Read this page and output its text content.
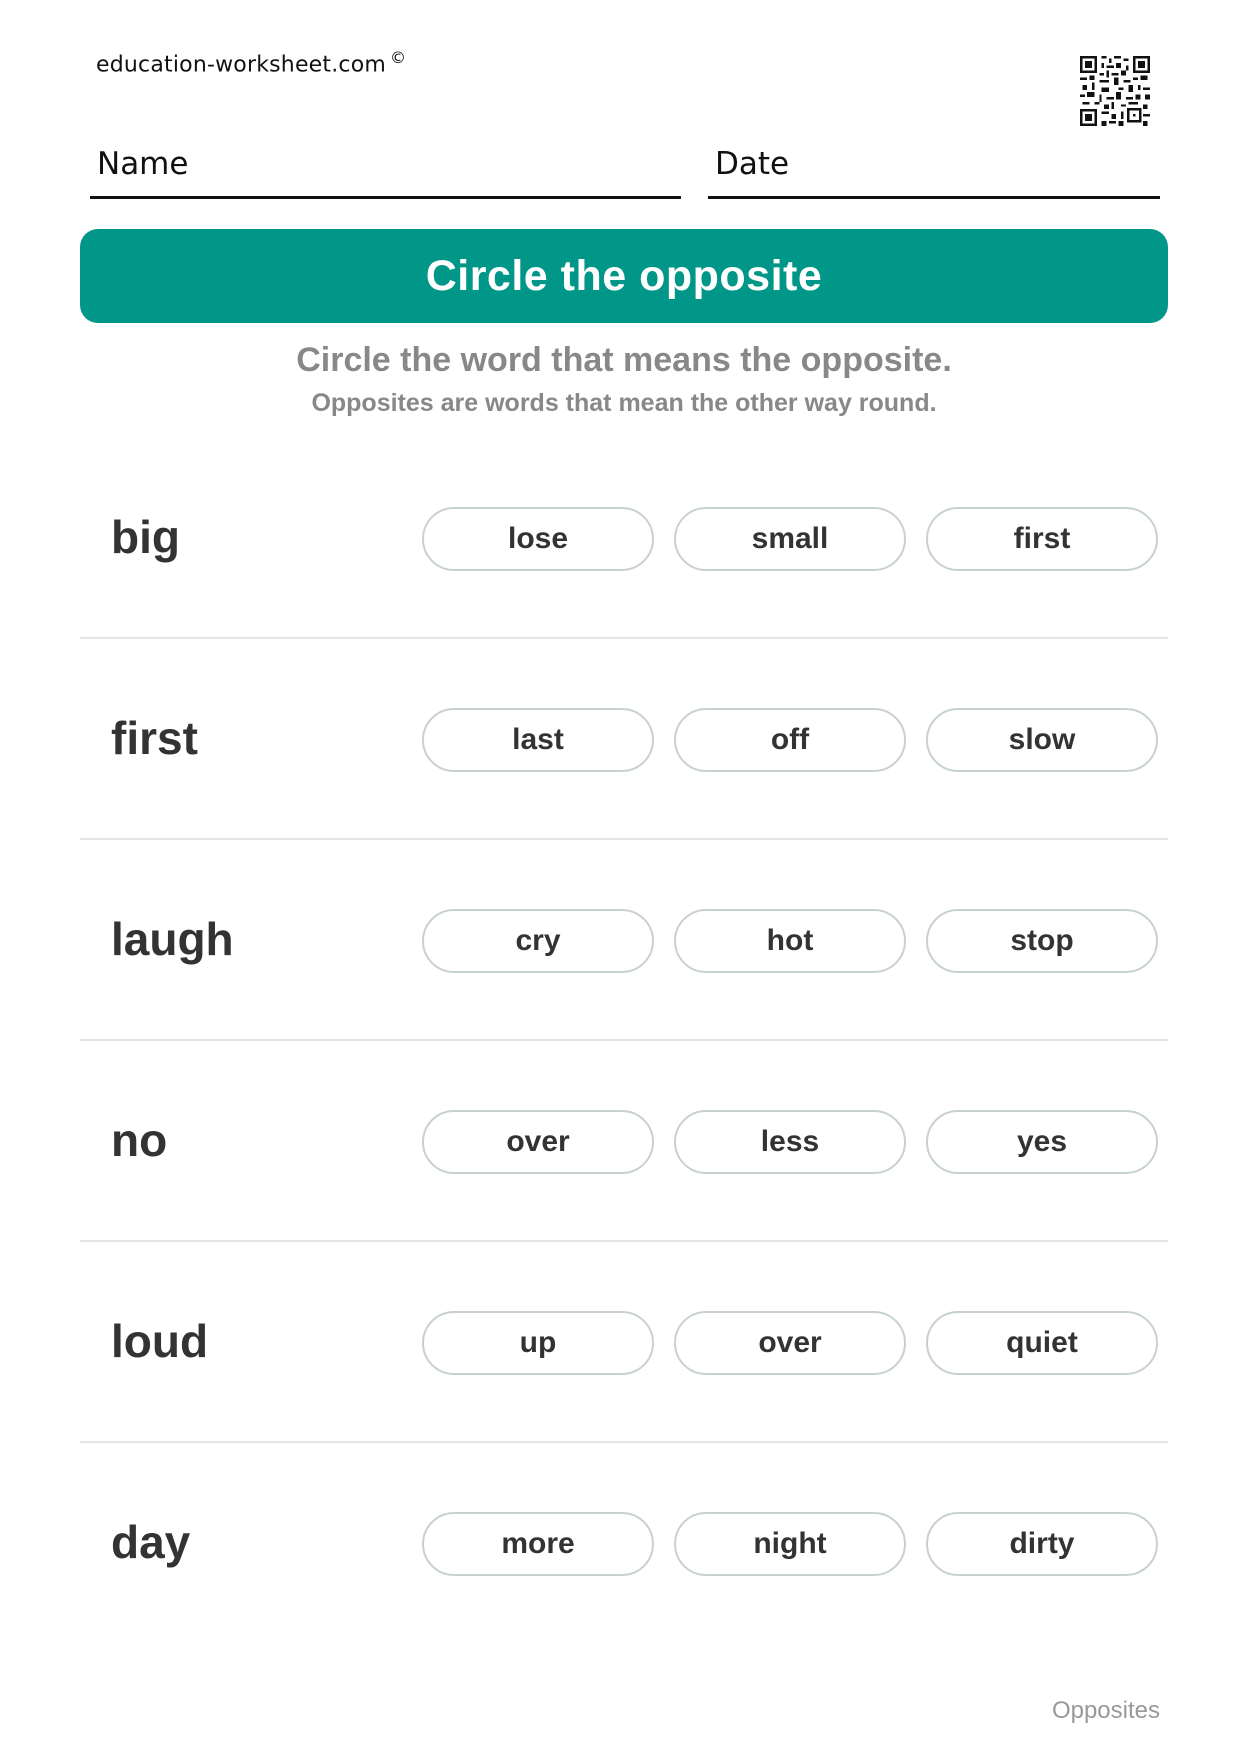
education-worksheet.com ©
Name	Date
Circle the opposite
Circle the word that means the opposite.
Opposites are words that mean the other way round.
big	lose	small	first
first	last	off	slow
laugh	cry	hot	stop
no	over	less	yes
loud	up	over	quiet
day	more	night	dirty
Opposites
